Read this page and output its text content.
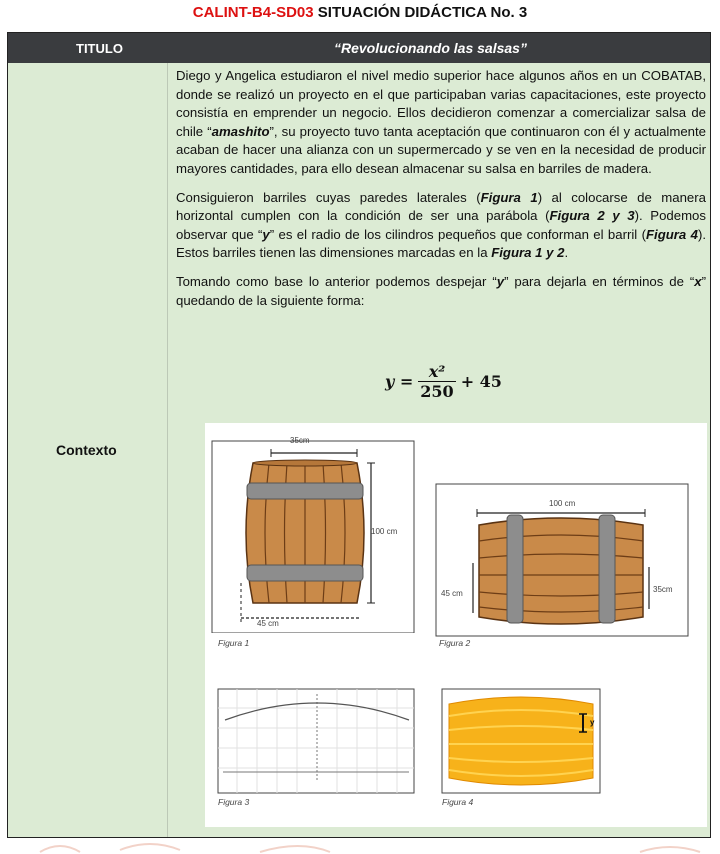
CALINT-B4-SD03 SITUACIÓN DIDÁCTICA No. 3
TITULO	“Revolucionando las salsas”
Contexto

Diego y Angelica estudiaron el nivel medio superior hace algunos años en un COBATAB, donde se realizó un proyecto en el que participaban varias capacitaciones, este proyecto consistía en emprender un negocio. Ellos decidieron comenzar a comercializar salsa de chile “amashito”, su proyecto tuvo tanta aceptación que continuaron con él y actualmente acaban de hacer una alianza con un supermercado y se ven en la necesidad de producir mayores cantidades, para ello desean almacenar su salsa en barriles de madera.

Consiguieron barriles cuyas paredes laterales (Figura 1) al colocarse de manera horizontal cumplen con la condición de ser una parábola (Figura 2 y 3). Podemos observar que “y” es el radio de los cilindros pequeños que conforman el barril (Figura 4). Estos barriles tienen las dimensiones marcadas en la Figura 1 y 2.

Tomando como base lo anterior podemos despejar “y” para dejarla en términos de “x” quedando de la siguiente forma:

$y = \frac{\text{x²}}{250} + 45$
35cm
100 cm
45 cm
Figura 1
100 cm
45 cm	35cm
Figura 2
Figura 3
y
Figura 4
